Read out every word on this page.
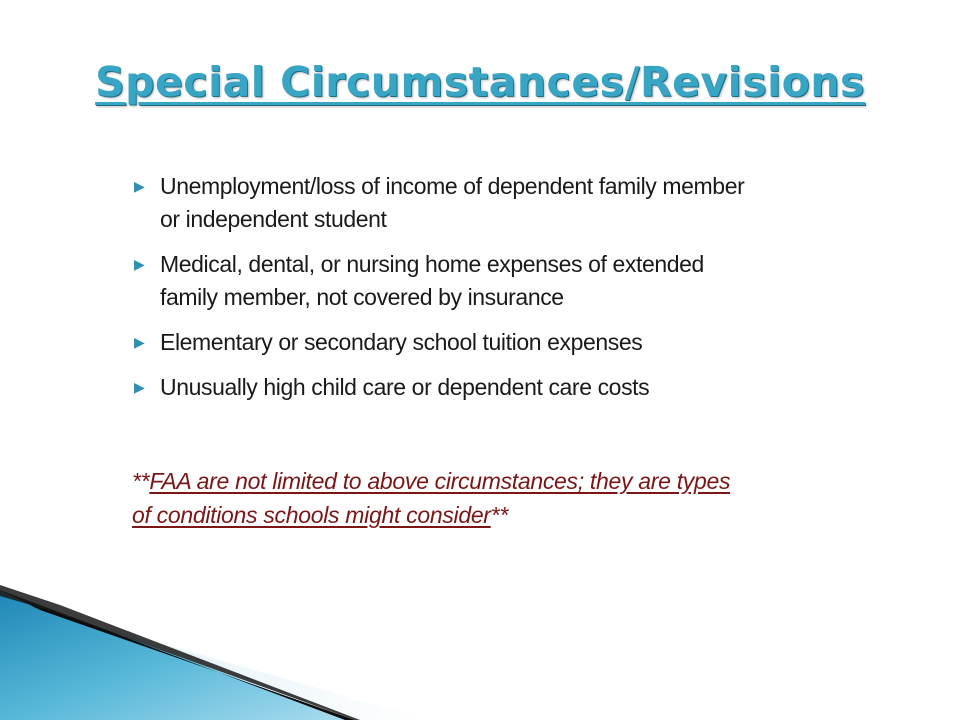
Special Circumstances/Revisions
▶ Unemployment/loss of income of dependent family member
or independent student
▶ Medical, dental, or nursing home expenses of extended
family member, not covered by insurance
▶ Elementary or secondary school tuition expenses
▶ Unusually high child care or dependent care costs
**FAA are not limited to above circumstances; they are types
of conditions schools might consider**
